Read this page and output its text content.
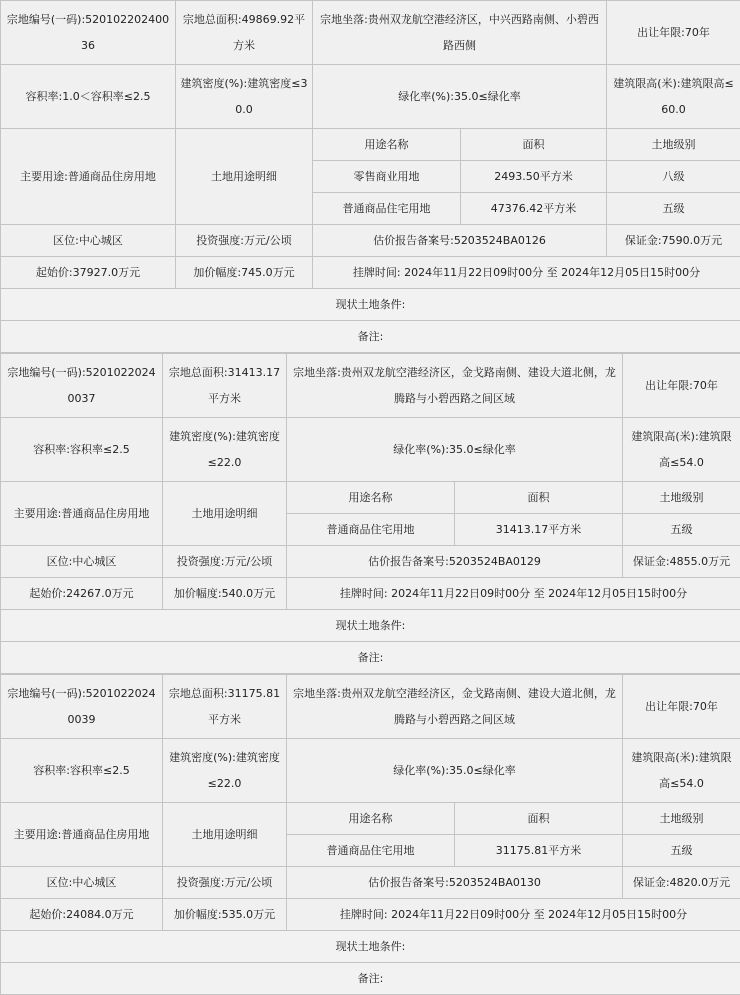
宗地编号(一码):52010220240036	宗地总面积:49869.92平方米	宗地坐落:贵州双龙航空港经济区，中兴西路南侧、小碧西路西侧		出让年限:70年
容积率:1.0＜容积率≤2.5	建筑密度(%):建筑密度≤30.0	绿化率(%):35.0≤绿化率		建筑限高(米):建筑限高≤60.0
主要用途:普通商品住房用地	土地用途明细	用途名称	面积	土地级别
		零售商业用地	2493.50平方米	八级
		普通商品住宅用地	47376.42平方米	五级
区位:中心城区	投资强度:万元/公顷	估价报告备案号:5203524BA0126		保证金:7590.0万元
起始价:37927.0万元	加价幅度:745.0万元	挂牌时间: 2024年11月22日09时00分 至 2024年12月05日15时00分		
现状土地条件:				
备注:				
宗地编号(一码):52010220240037	宗地总面积:31413.17平方米	宗地坐落:贵州双龙航空港经济区，金戈路南侧、建设大道北侧，龙腾路与小碧西路之间区域		出让年限:70年
容积率:容积率≤2.5	建筑密度(%):建筑密度≤22.0	绿化率(%):35.0≤绿化率		建筑限高(米):建筑限高≤54.0
主要用途:普通商品住房用地	土地用途明细	用途名称	面积	土地级别
		普通商品住宅用地	31413.17平方米	五级
区位:中心城区	投资强度:万元/公顷	估价报告备案号:5203524BA0129		保证金:4855.0万元
起始价:24267.0万元	加价幅度:540.0万元	挂牌时间: 2024年11月22日09时00分 至 2024年12月05日15时00分		
现状土地条件:				
备注:				
宗地编号(一码):52010220240039	宗地总面积:31175.81平方米	宗地坐落:贵州双龙航空港经济区，金戈路南侧、建设大道北侧，龙腾路与小碧西路之间区域		出让年限:70年
容积率:容积率≤2.5	建筑密度(%):建筑密度≤22.0	绿化率(%):35.0≤绿化率		建筑限高(米):建筑限高≤54.0
主要用途:普通商品住房用地	土地用途明细	用途名称	面积	土地级别
		普通商品住宅用地	31175.81平方米	五级
区位:中心城区	投资强度:万元/公顷	估价报告备案号:5203524BA0130		保证金:4820.0万元
起始价:24084.0万元	加价幅度:535.0万元	挂牌时间: 2024年11月22日09时00分 至 2024年12月05日15时00分		
现状土地条件:				
备注:				
